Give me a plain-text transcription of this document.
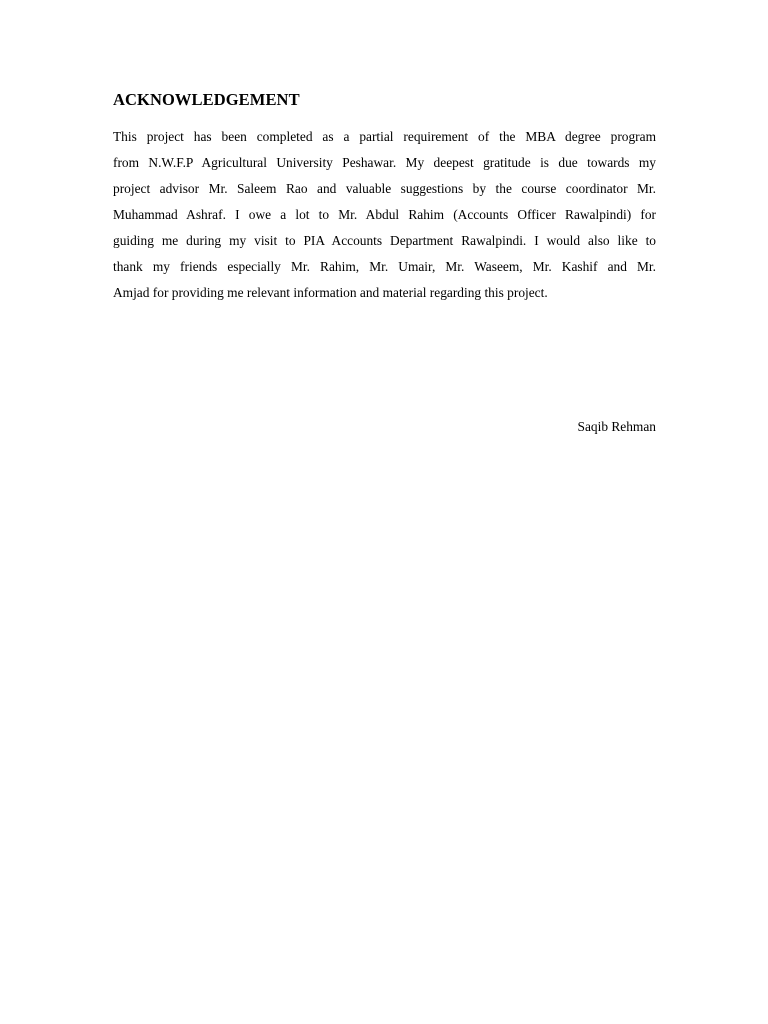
ACKNOWLEDGEMENT
This project has been completed as a partial requirement of the MBA degree program
from N.W.F.P Agricultural University Peshawar. My deepest gratitude is due towards my
project advisor Mr. Saleem Rao and valuable suggestions by the course coordinator Mr.
Muhammad Ashraf. I owe a lot to Mr. Abdul Rahim (Accounts Officer Rawalpindi) for
guiding me during my visit to PIA Accounts Department Rawalpindi. I would also like to
thank my friends especially Mr. Rahim, Mr. Umair, Mr. Waseem, Mr. Kashif and Mr.
Amjad for providing me relevant information and material regarding this project.

Saqib Rehman
